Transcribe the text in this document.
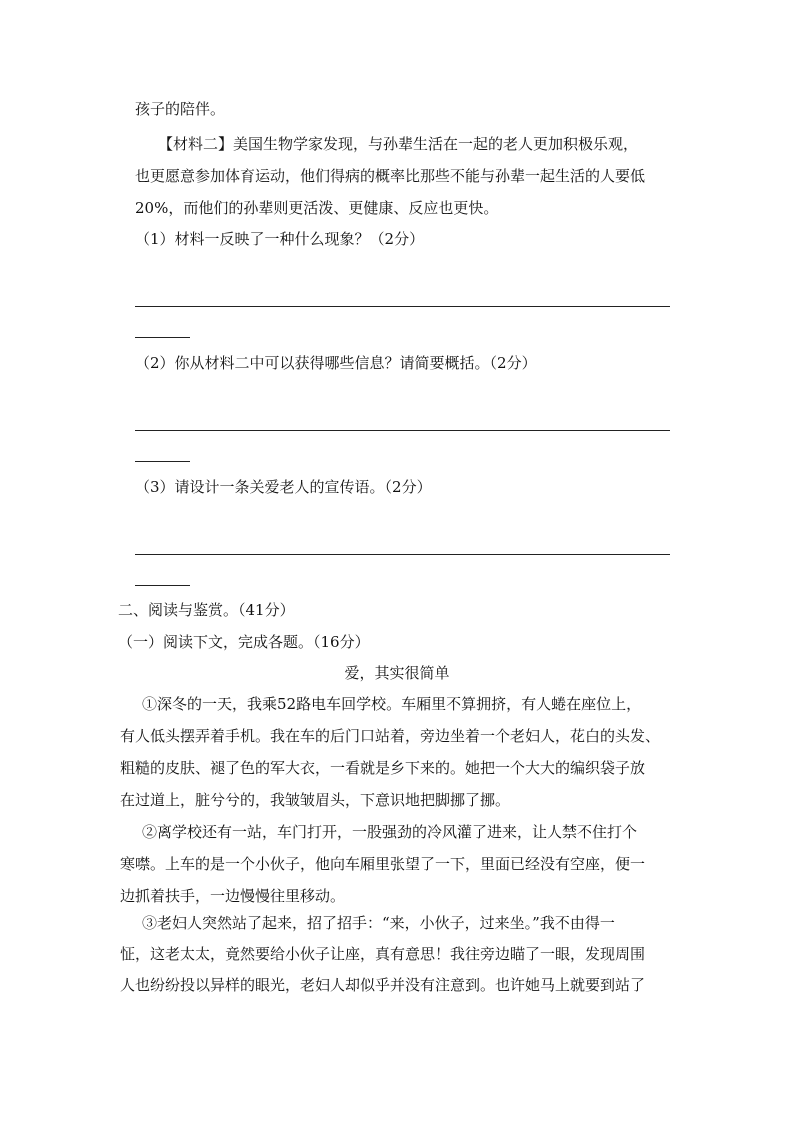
孩子的陪伴。
【材料二】美国生物学家发现，与孙辈生活在一起的老人更加积极乐观，
也更愿意参加体育运动，他们得病的概率比那些不能与孙辈一起生活的人要低
20%，而他们的孙辈则更活泼、更健康、反应也更快。
（1）材料一反映了一种什么现象？（2分）
（2）你从材料二中可以获得哪些信息？请简要概括。（2分）
（3）请设计一条关爱老人的宣传语。（2分）
二、阅读与鉴赏。（41分）
（一）阅读下文，完成各题。（16分）
爱，其实很简单
①深冬的一天，我乘52路电车回学校。车厢里不算拥挤，有人蜷在座位上，
有人低头摆弄着手机。我在车的后门口站着，旁边坐着一个老妇人，花白的头发、
粗糙的皮肤、褪了色的军大衣，一看就是乡下来的。她把一个大大的编织袋子放
在过道上，脏兮兮的，我皱皱眉头，下意识地把脚挪了挪。
②离学校还有一站，车门打开，一股强劲的冷风灌了进来，让人禁不住打个
寒噤。上车的是一个小伙子，他向车厢里张望了一下，里面已经没有空座，便一
边抓着扶手，一边慢慢往里移动。
③老妇人突然站了起来，招了招手：“来，小伙子，过来坐。”我不由得一
怔，这老太太，竟然要给小伙子让座，真有意思！我往旁边瞄了一眼，发现周围
人也纷纷投以异样的眼光，老妇人却似乎并没有注意到。也许她马上就要到站了
